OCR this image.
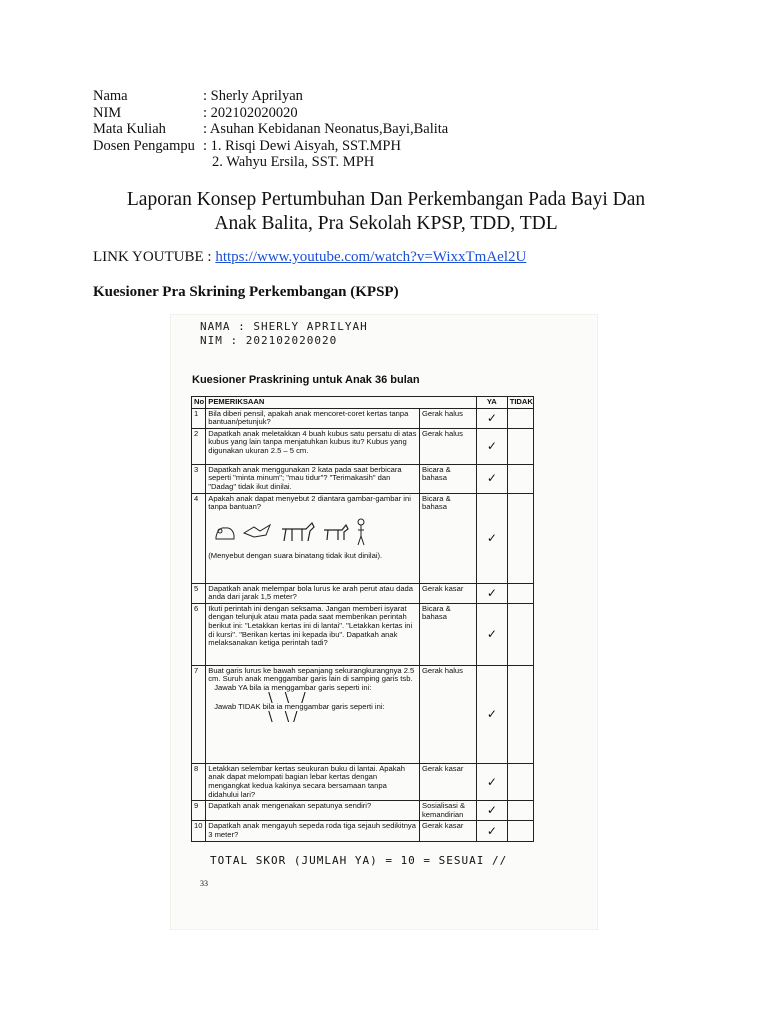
Nama	: Sherly Aprilyan
NIM	: 202102020020
Mata Kuliah	: Asuhan Kebidanan Neonatus,Bayi,Balita
Dosen Pengampu : 1. Risqi Dewi Aisyah, SST.MPH
2. Wahyu Ersila, SST. MPH
Laporan Konsep Pertumbuhan Dan Perkembangan Pada Bayi Dan
Anak Balita, Pra Sekolah KPSP, TDD, TDL
LINK YOUTUBE : https://www.youtube.com/watch?v=WixxTmAel2U
Kuesioner Pra Skrining Perkembangan (KPSP)
NAMA : SHERLY APRILYAH
NIM : 202102020020
Kuesioner Praskrining untuk Anak 36 bulan
No	PEMERIKSAAN		YA	TIDAK
1	Bila diberi pensil, apakah anak mencoret-coret kertas tanpa bantuan/petunjuk?	Gerak halus	✓	
2	Dapatkah anak meletakkan 4 buah kubus satu persatu di atas kubus yang lain tanpa menjatuhkan kubus itu? Kubus yang digunakan ukuran 2.5 – 5 cm.	Gerak halus	✓	
3	Dapatkah anak menggunakan 2 kata pada saat berbicara seperti "minta minum"; "mau tidur"? "Terimakasih" dan "Dadag" tidak ikut dinilai.	Bicara & bahasa	✓	
4	Apakah anak dapat menyebut 2 diantara gambar-gambar ini tanpa bantuan?

(Menyebut dengan suara binatang tidak ikut dinilai).	Bicara & bahasa	✓	
5	Dapatkah anak melempar bola lurus ke arah perut atau dada anda dari jarak 1,5 meter?	Gerak kasar	✓	
6	Ikuti perintah ini dengan seksama. Jangan memberi isyarat dengan telunjuk atau mata pada saat memberikan perintah berikut ini: "Letakkan kertas ini di lantai". "Letakkan kertas ini di kursi". "Berikan kertas ini kepada ibu". Dapatkah anak melaksanakan ketiga perintah tadi?	Bicara & bahasa	✓	
7	Buat garis lurus ke bawah sepanjang sekurangkurangnya 2.5 cm. Suruh anak menggambar garis lain di samping garis tsb.

Jawab YA bila ia menggambar garis seperti ini:

\ \ /

Jawab TIDAK bila ia menggambar garis seperti ini:

\ \/	Gerak halus	✓	
8	Letakkan selembar kertas seukuran buku di lantai. Apakah anak dapat melompati bagian lebar kertas dengan mengangkat kedua kakinya secara bersamaan tanpa didahului lari?	Gerak kasar	✓	
9	Dapatkah anak mengenakan sepatunya sendiri?	Sosialisasi & kemandirian	✓	
10	Dapatkah anak mengayuh sepeda roda tiga sejauh sedikitnya 3 meter?	Gerak kasar	✓	
TOTAL SKOR (JUMLAH YA) = 10 = SESUAI //
33
